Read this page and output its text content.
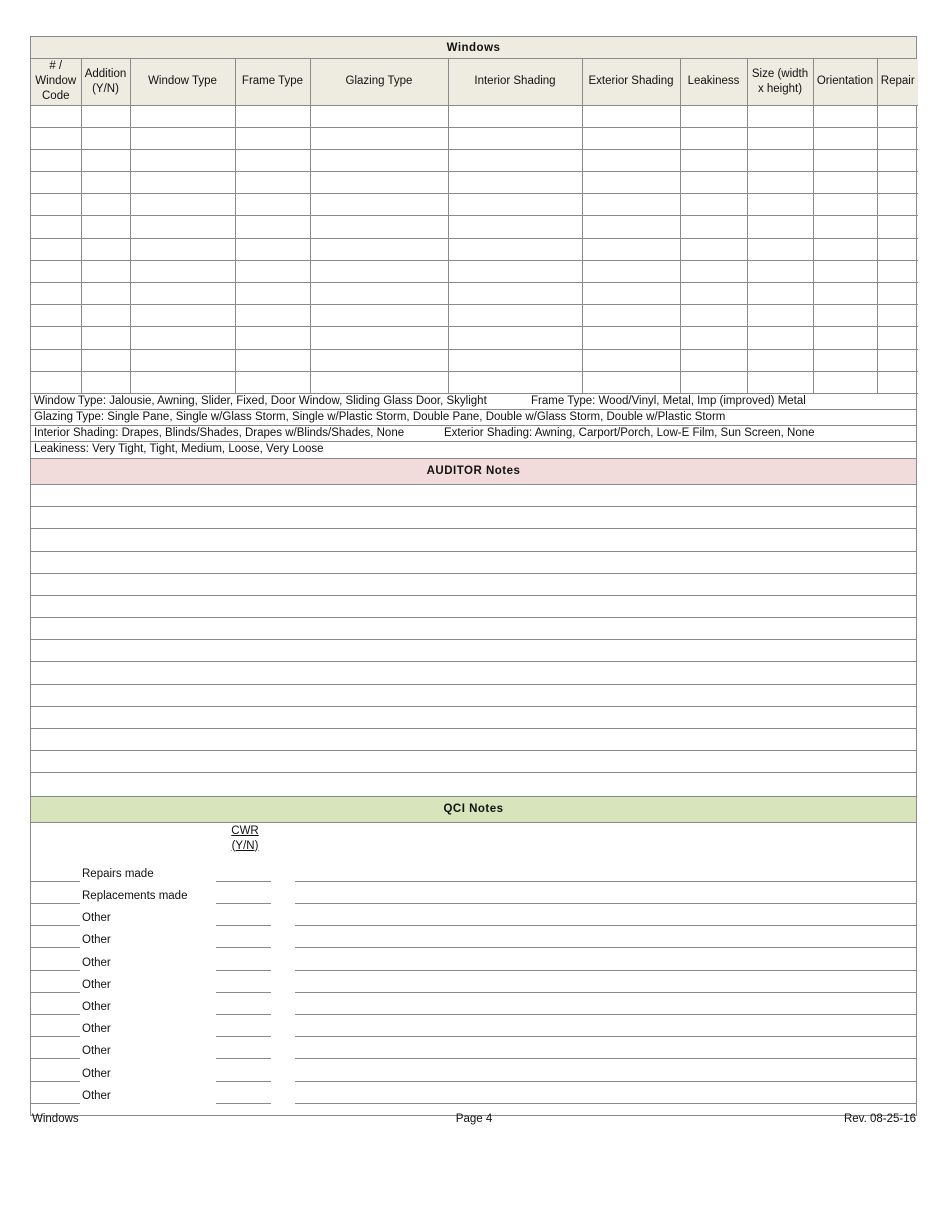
Windows
# / Window Code	Addition (Y/N)	Window Type	Frame Type	Glazing Type	Interior Shading	Exterior Shading	Leakiness	Size (width x height)	Orientation	Repair

Window Type: Jalousie, Awning, Slider, Fixed, Door Window, Sliding Glass Door, Skylight	Frame Type: Wood/Vinyl, Metal, Imp (improved) Metal
Glazing Type: Single Pane, Single w/Glass Storm, Single w/Plastic Storm, Double Pane, Double w/Glass Storm, Double w/Plastic Storm
Interior Shading: Drapes, Blinds/Shades, Drapes w/Blinds/Shades, None	Exterior Shading: Awning, Carport/Porch, Low-E Film, Sun Screen, None
Leakiness: Very Tight, Tight, Medium, Loose, Very Loose
AUDITOR Notes
QCI Notes
CWR
(Y/N)
Repairs made
Replacements made
Other
Other
Other
Other
Other
Other
Other
Other
Other
Windows	Page 4	Rev. 08-25-16
